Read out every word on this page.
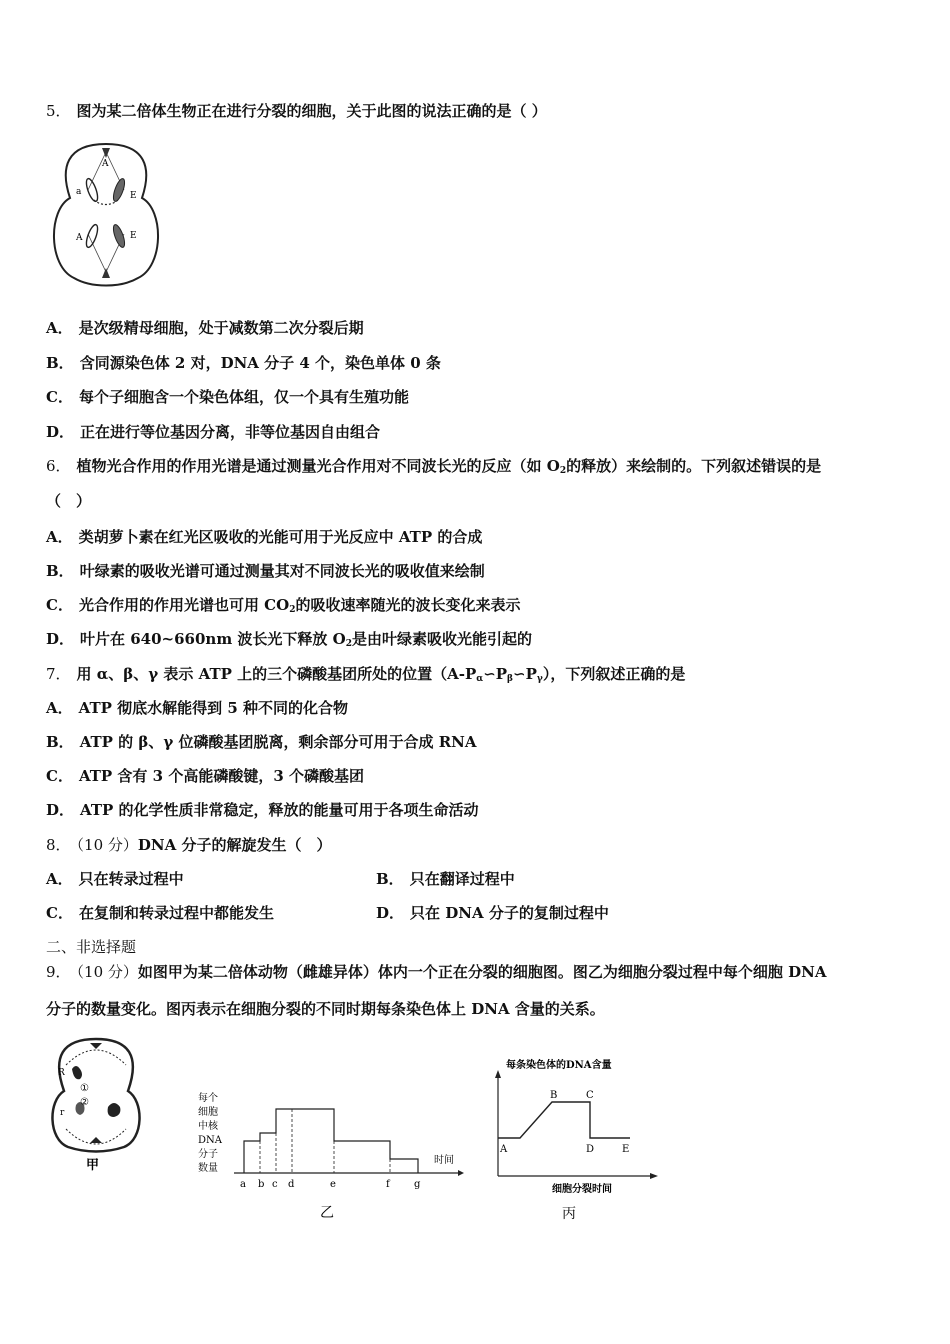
5． 图为某二倍体生物正在进行分裂的细胞，关于此图的说法正确的是（ ）
A
a	E
A	E
A． 是次级精母细胞，处于减数第二次分裂后期
B． 含同源染色体 2 对，DNA 分子 4 个，染色单体 0 条
C． 每个子细胞含一个染色体组，仅一个具有生殖功能
D． 正在进行等位基因分离，非等位基因自由组合
6． 植物光合作用的作用光谱是通过测量光合作用对不同波长光的反应（如 $O_2$的释放）来绘制的。下列叙述错误的是
（　）
A． 类胡萝卜素在红光区吸收的光能可用于光反应中 ATP 的合成
B． 叶绿素的吸收光谱可通过测量其对不同波长光的吸收值来绘制
C． 光合作用的作用光谱也可用 $CO_2$的吸收速率随光的波长变化来表示
D． 叶片在 640~660nm 波长光下释放 $O_2$是由叶绿素吸收光能引起的
7． 用 α、β、γ 表示 ATP 上的三个磷酸基团所处的位置$(A-P_\alpha∽P_\beta∽P_\gamma)$，下列叙述正确的是
A． ATP 彻底水解能得到 5 种不同的化合物
B． ATP 的 β、γ 位磷酸基团脱离，剩余部分可用于合成 RNA
C． ATP 含有 3 个高能磷酸键，3 个磷酸基团
D． ATP 的化学性质非常稳定，释放的能量可用于各项生命活动
8． （10 分）DNA 分子的解旋发生（　）
A． 只在转录过程中	B． 只在翻译过程中
C． 在复制和转录过程中都能发生	D． 只在 DNA 分子的复制过程中
二、非选择题
9． （10 分）如图甲为某二倍体动物（雌雄异体）体内一个正在分裂的细胞图。图乙为细胞分裂过程中每个细胞 DNA
分子的数量变化。图丙表示在细胞分裂的不同时期每条染色体上 DNA 含量的关系。
R
①
②
r
甲
每个
细胞
中核
DNA
分子
数量
时间
a b c d	e	f g
乙
每条染色体的DNA含量
A
B	C
D	E
细胞分裂时间
丙
